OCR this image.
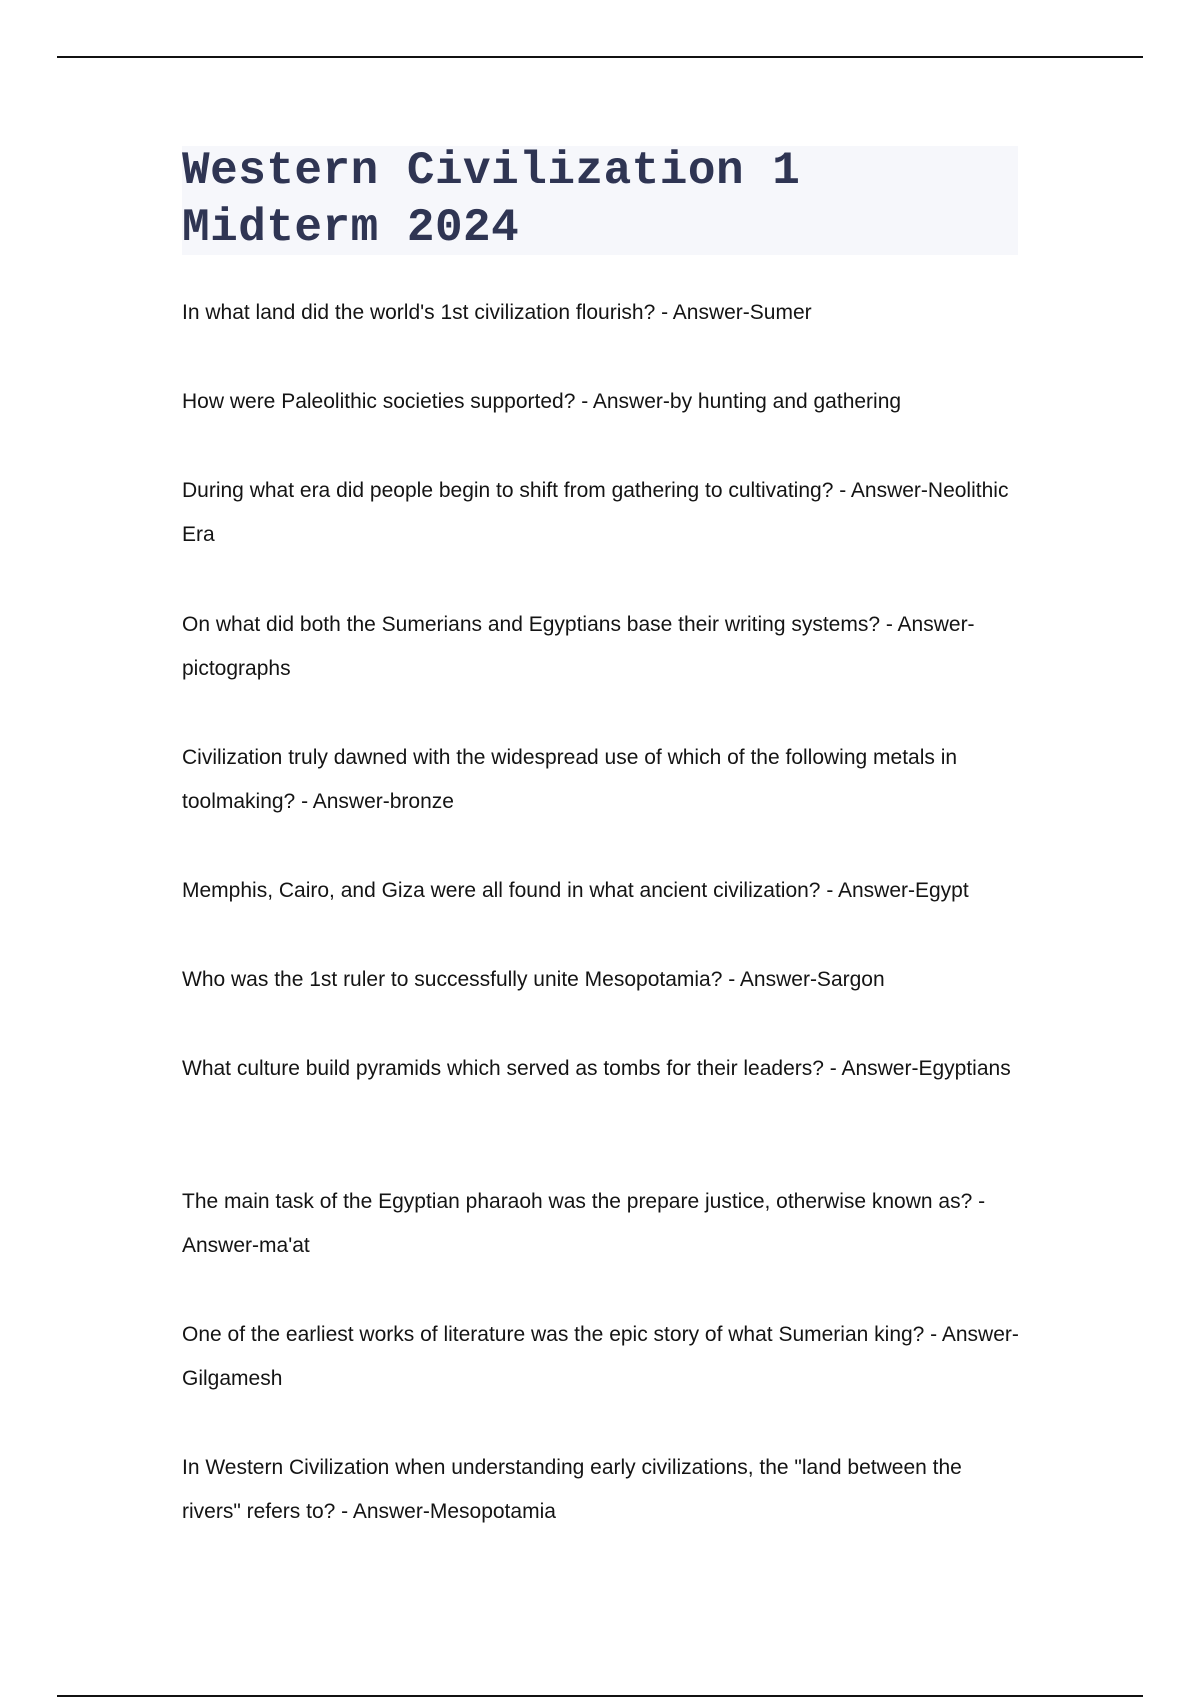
Western Civilization 1
Midterm 2024

In what land did the world's 1st civilization flourish? - Answer-Sumer

How were Paleolithic societies supported? - Answer-by hunting and gathering

During what era did people begin to shift from gathering to cultivating? - Answer-Neolithic Era

On what did both the Sumerians and Egyptians base their writing systems? - Answer-pictographs

Civilization truly dawned with the widespread use of which of the following metals in toolmaking? - Answer-bronze

Memphis, Cairo, and Giza were all found in what ancient civilization? - Answer-Egypt

Who was the 1st ruler to successfully unite Mesopotamia? - Answer-Sargon

What culture build pyramids which served as tombs for their leaders? - Answer-Egyptians

The main task of the Egyptian pharaoh was the prepare justice, otherwise known as? - Answer-ma'at

One of the earliest works of literature was the epic story of what Sumerian king? - Answer-Gilgamesh

In Western Civilization when understanding early civilizations, the "land between the rivers" refers to? - Answer-Mesopotamia
